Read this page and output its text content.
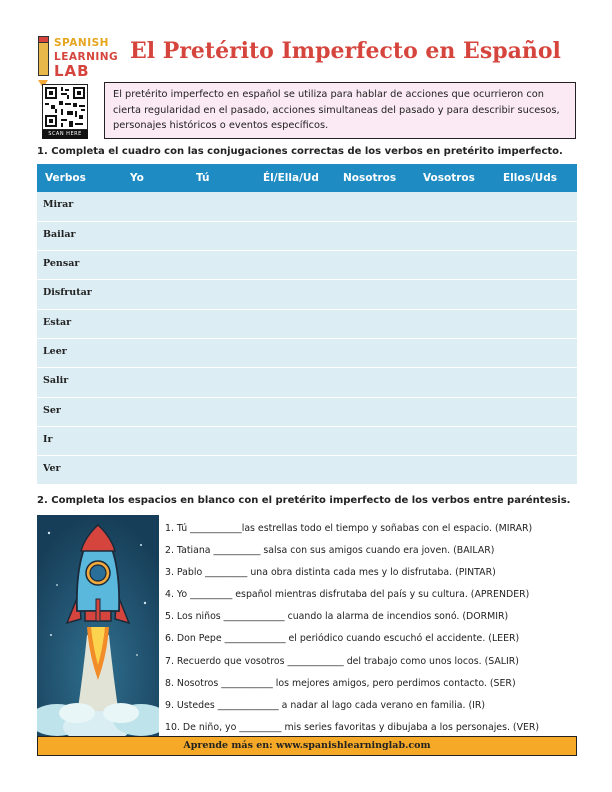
SPANISH
LEARNING
LAB
El Pretérito Imperfecto en Español
SCAN HERE
El pretérito imperfecto en español se utiliza para hablar de acciones que ocurrieron con cierta regularidad en el pasado, acciones simultaneas del pasado y para describir sucesos, personajes históricos o eventos específicos.
1. Completa el cuadro con las conjugaciones correctas de los verbos en pretérito imperfecto.
Verbos	Yo	Tú	Él/Ella/Ud	Nosotros	Vosotros	Ellos/Uds
Mirar						
Bailar						
Pensar						
Disfrutar						
Estar						
Leer						
Salir						
Ser						
Ir						
Ver						
2. Completa los espacios en blanco con el pretérito imperfecto de los verbos entre paréntesis.
1. Tú ___________las estrellas todo el tiempo y soñabas con el espacio. (MIRAR)
2. Tatiana __________ salsa con sus amigos cuando era joven. (BAILAR)
3. Pablo _________ una obra distinta cada mes y lo disfrutaba. (PINTAR)
4. Yo _________ español mientras disfrutaba del país y su cultura. (APRENDER)
5. Los niños _____________ cuando la alarma de incendios sonó. (DORMIR)
6. Don Pepe _____________ el periódico cuando escuchó el accidente. (LEER)
7. Recuerdo que vosotros ____________ del trabajo como unos locos. (SALIR)
8. Nosotros ___________ los mejores amigos, pero perdimos contacto. (SER)
9. Ustedes _____________ a nadar al lago cada verano en familia. (IR)
10. De niño, yo _________ mis series favoritas y dibujaba a los personajes. (VER)
Aprende más en: www.spanishlearninglab.com
